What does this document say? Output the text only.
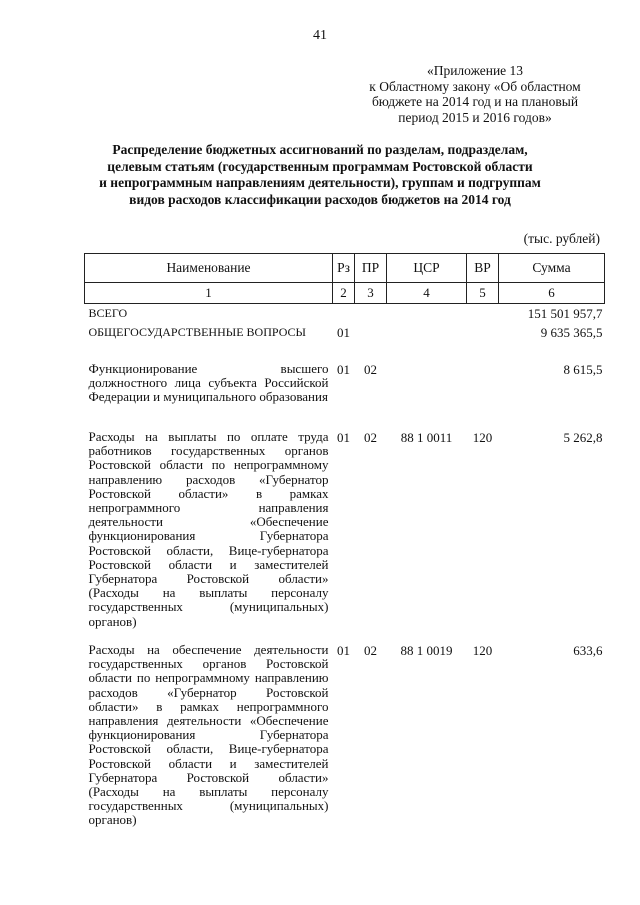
41
«Приложение 13
к Областному закону «Об областном
бюджете на 2014 год и на плановый
период 2015 и 2016 годов»
Распределение бюджетных ассигнований по разделам, подразделам,
целевым статьям (государственным программам Ростовской области
и непрограммным направлениям деятельности), группам и подгруппам
видов расходов классификации расходов бюджетов на 2014 год
(тыс. рублей)
Наименование	Рз	ПР	ЦСР	ВР	Сумма
1	2	3	4	5	6
ВСЕГО					151 501 957,7
ОБЩЕГОСУДАРСТВЕННЫЕ ВОПРОСЫ	01				9 635 365,5
Функционирование высшего должностного лица субъекта Российской Федерации и муниципального образования	01	02			8 615,5
Расходы на выплаты по оплате труда работников государственных органов Ростовской области по непрограммному направлению расходов «Губернатор Ростовской области» в рамках непрограммного направления деятельности «Обеспечение функционирования Губернатора Ростовской области, Вице-губернатора Ростовской области и заместителей Губернатора Ростовской области» (Расходы на выплаты персоналу государственных (муниципальных) органов)	01	02	88 1 0011	120	5 262,8
Расходы на обеспечение деятельности государственных органов Ростовской области по непрограммному направлению расходов «Губернатор Ростовской области» в рамках непрограммного направления деятельности «Обеспечение функционирования Губернатора Ростовской области, Вице-губернатора Ростовской области и заместителей Губернатора Ростовской области» (Расходы на выплаты персоналу государственных (муниципальных) органов)	01	02	88 1 0019	120	633,6
